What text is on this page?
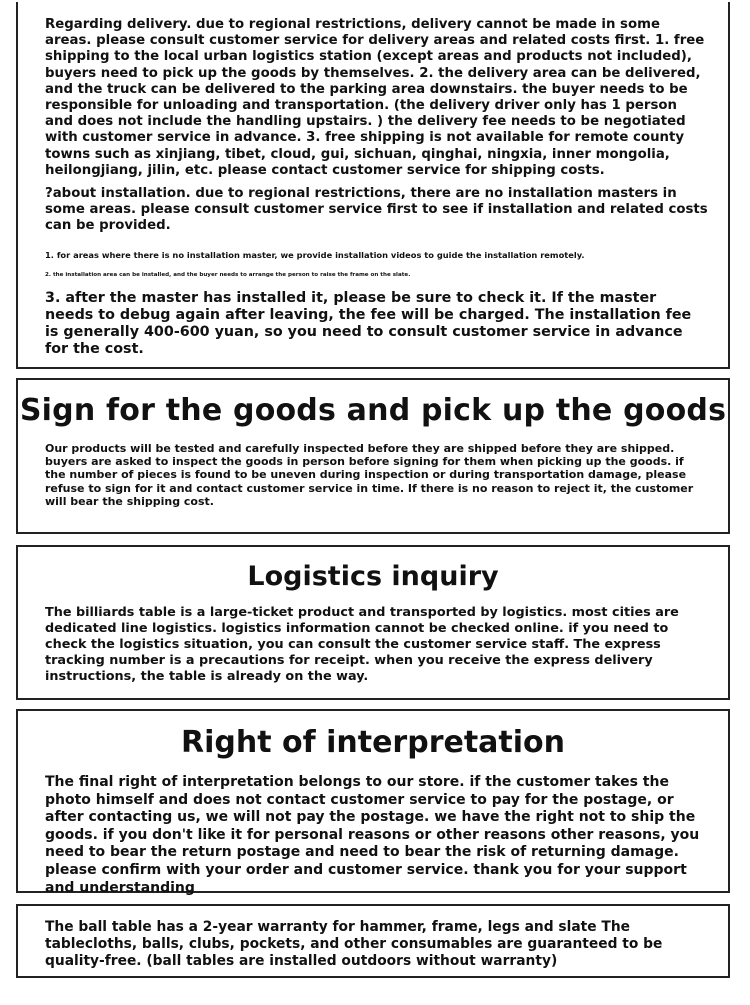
Regarding delivery. due to regional restrictions, delivery cannot be made in some areas. please consult customer service for delivery areas and related costs first. 1. free shipping to the local urban logistics station (except areas and products not included), buyers need to pick up the goods by themselves. 2. the delivery area can be delivered, and the truck can be delivered to the parking area downstairs. the buyer needs to be responsible for unloading and transportation. (the delivery driver only has 1 person and does not include the handling upstairs. ) the delivery fee needs to be negotiated with customer service in advance. 3. free shipping is not available for remote county towns such as xinjiang, tibet, cloud, gui, sichuan, qinghai, ningxia, inner mongolia, heilongjiang, jilin, etc. please contact customer service for shipping costs.

?about installation. due to regional restrictions, there are no installation masters in some areas. please consult customer service first to see if installation and related costs can be provided.

1. for areas where there is no installation master, we provide installation videos to guide the installation remotely.

2. the installation area can be installed, and the buyer needs to arrange the person to raise the frame on the slate.

3. after the master has installed it, please be sure to check it. If the master needs to debug again after leaving, the fee will be charged. The installation fee is generally 400-600 yuan, so you need to consult customer service in advance for the cost.

Sign for the goods and pick up the goods

Our products will be tested and carefully inspected before they are shipped before they are shipped. buyers are asked to inspect the goods in person before signing for them when picking up the goods. if the number of pieces is found to be uneven during inspection or during transportation damage, please refuse to sign for it and contact customer service in time. If there is no reason to reject it, the customer will bear the shipping cost.

Logistics inquiry

The billiards table is a large-ticket product and transported by logistics. most cities are dedicated line logistics. logistics information cannot be checked online. if you need to check the logistics situation, you can consult the customer service staff. The express tracking number is a precautions for receipt. when you receive the express delivery instructions, the table is already on the way.

Right of interpretation

The final right of interpretation belongs to our store. if the customer takes the photo himself and does not contact customer service to pay for the postage, or after contacting us, we will not pay the postage. we have the right not to ship the goods. if you don't like it for personal reasons or other reasons other reasons, you need to bear the return postage and need to bear the risk of returning damage. please confirm with your order and customer service. thank you for your support and understanding

The ball table has a 2-year warranty for hammer, frame, legs and slate The tablecloths, balls, clubs, pockets, and other consumables are guaranteed to be quality-free. (ball tables are installed outdoors without warranty)
